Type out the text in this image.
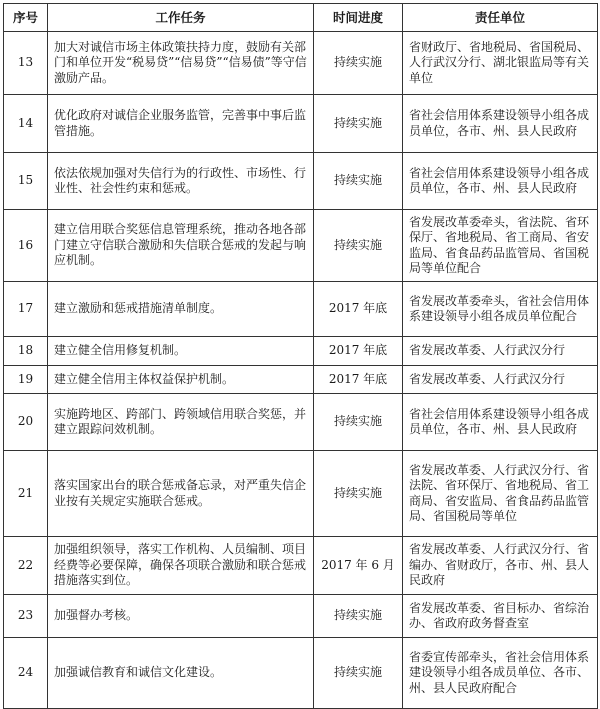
序号	工作任务	时间进度	责任单位
13	加大对诚信市场主体政策扶持力度，鼓励有关部门和单位开发“税易贷”“信易贷”“信易债”等守信激励产品。	持续实施	省财政厅、省地税局、省国税局、人行武汉分行、湖北银监局等有关单位
14	优化政府对诚信企业服务监管，完善事中事后监管措施。	持续实施	省社会信用体系建设领导小组各成员单位，各市、州、县人民政府
15	依法依规加强对失信行为的行政性、市场性、行业性、社会性约束和惩戒。	持续实施	省社会信用体系建设领导小组各成员单位，各市、州、县人民政府
16	建立信用联合奖惩信息管理系统，推动各地各部门建立守信联合激励和失信联合惩戒的发起与响应机制。	持续实施	省发展改革委牵头，省法院、省环保厅、省地税局、省工商局、省安监局、省食品药品监管局、省国税局等单位配合
17	建立激励和惩戒措施清单制度。	2017 年底	省发展改革委牵头，省社会信用体系建设领导小组各成员单位配合
18	建立健全信用修复机制。	2017 年底	省发展改革委、人行武汉分行
19	建立健全信用主体权益保护机制。	2017 年底	省发展改革委、人行武汉分行
20	实施跨地区、跨部门、跨领域信用联合奖惩，并建立跟踪问效机制。	持续实施	省社会信用体系建设领导小组各成员单位，各市、州、县人民政府
21	落实国家出台的联合惩戒备忘录，对严重失信企业按有关规定实施联合惩戒。	持续实施	省发展改革委、人行武汉分行、省法院、省环保厅、省地税局、省工商局、省安监局、省食品药品监管局、省国税局等单位
22	加强组织领导，落实工作机构、人员编制、项目经费等必要保障，确保各项联合激励和联合惩戒措施落实到位。	2017 年 6 月	省发展改革委、人行武汉分行、省编办、省财政厅，各市、州、县人民政府
23	加强督办考核。	持续实施	省发展改革委、省目标办、省综治办、省政府政务督查室
24	加强诚信教育和诚信文化建设。	持续实施	省委宣传部牵头，省社会信用体系建设领导小组各成员单位、各市、州、县人民政府配合
